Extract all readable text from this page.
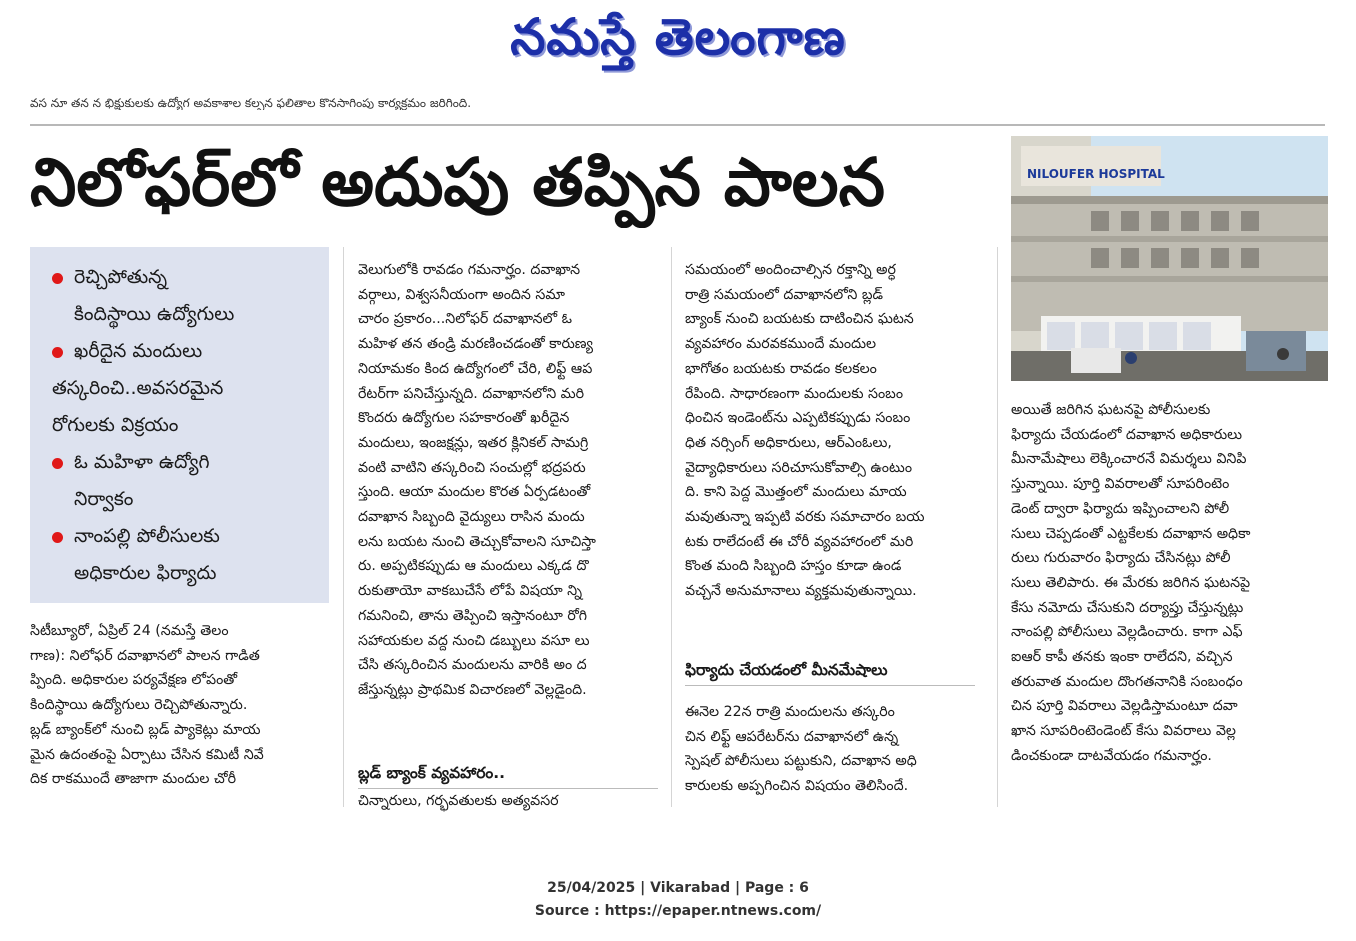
నమస్తే తెలంగాణ
వస నూ తన న భిక్షుకులకు ఉద్యోగ అవకాశాల కల్పన ఫలితాల కొనసాగింపు కార్యక్రమం జరిగింది.
నిలోఫర్‌లో అదుపు తప్పిన పాలన	NILOUFER HOSPITAL
రెచ్చిపోతున్న
కిందిస్థాయి ఉద్యోగులు
ఖరీదైన మందులు
తస్కరించి..అవసరమైన
రోగులకు విక్రయం
ఓ మహిళా ఉద్యోగి
నిర్వాకం
నాంపల్లి పోలీసులకు
అధికారుల ఫిర్యాదు
సిటీబ్యూరో, ఏప్రిల్ 24 (నమస్తే తెలం
గాణ): నిలోఫర్ దవాఖానలో పాలన గాడిత
ప్పింది. అధికారుల పర్యవేక్షణ లోపంతో
కిందిస్థాయి ఉద్యోగులు రెచ్చిపోతున్నారు.
బ్లడ్ బ్యాంక్‌లో నుంచి బ్లడ్ ప్యాకెట్లు మాయ
మైన ఉదంతంపై ఏర్పాటు చేసిన కమిటీ నివే
దిక రాకముందే తాజాగా మందుల చోరీ
వెలుగులోకి రావడం గమనార్హం. దవాఖాన
వర్గాలు, విశ్వసనీయంగా అందిన సమా
చారం ప్రకారం...నిలోఫర్ దవాఖానలో ఓ
మహిళ తన తండ్రి మరణించడంతో కారుణ్య
నియామకం కింద ఉద్యోగంలో చేరి, లిఫ్ట్ ఆప
రేటర్‌గా పనిచేస్తున్నది. దవాఖానలోని మరి
కొందరు ఉద్యోగుల సహకారంతో ఖరీదైన
మందులు, ఇంజక్షన్లు, ఇతర క్లినికల్ సామగ్రి
వంటి వాటిని తస్కరించి సంచుల్లో భద్రపరు
స్తుంది. ఆయా మందుల కొరత ఏర్పడటంతో
దవాఖాన సిబ్బంది వైద్యులు రాసిన మందు
లను బయట నుంచి తెచ్చుకోవాలని సూచిస్తా
రు. అప్పటికప్పుడు ఆ మందులు ఎక్కడ దొ
రుకుతాయో వాకబుచేసే లోపే విషయా న్ని
గమనించి, తాను తెప్పించి ఇస్తానంటూ రోగి
సహాయకుల వద్ద నుంచి డబ్బులు వసూ లు
చేసి తస్కరించిన మందులను వారికి అం ద
జేస్తున్నట్లు ప్రాథమిక విచారణలో వెల్లడైంది.
బ్లడ్ బ్యాంక్ వ్యవహారం..
చిన్నారులు, గర్భవతులకు అత్యవసర
సమయంలో అందించాల్సిన రక్తాన్ని అర్ధ
రాత్రి సమయంలో దవాఖానలోని బ్లడ్
బ్యాంక్ నుంచి బయటకు దాటించిన ఘటన
వ్యవహారం మరవకముందే మందుల
భాగోతం బయటకు రావడం కలకలం
రేపింది. సాధారణంగా మందులకు సంబం
ధించిన ఇండెంట్‌ను ఎప్పటికప్పుడు సంబం
ధిత నర్సింగ్ అధికారులు, ఆర్ఎంఓలు,
వైద్యాధికారులు సరిచూసుకోవాల్సి ఉంటుం
ది. కాని పెద్ద మొత్తంలో మందులు మాయ
మవుతున్నా ఇప్పటి వరకు సమాచారం బయ
టకు రాలేదంటే ఈ చోరీ వ్యవహారంలో మరి
కొంత మంది సిబ్బంది హస్తం కూడా ఉండ
వచ్చనే అనుమానాలు వ్యక్తమవుతున్నాయి.
ఫిర్యాదు చేయడంలో మీనమేషాలు
ఈనెల 22న రాత్రి మందులను తస్కరిం
చిన లిఫ్ట్ ఆపరేటర్‌ను దవాఖానలో ఉన్న
స్పెషల్ పోలీసులు పట్టుకుని, దవాఖాన అధి
కారులకు అప్పగించిన విషయం తెలిసిందే.
అయితే జరిగిన ఘటనపై పోలీసులకు
ఫిర్యాదు చేయడంలో దవాఖాన అధికారులు
మీనామేషాలు లెక్కించారనే విమర్శలు వినిపి
స్తున్నాయి. పూర్తి వివరాలతో సూపరింటెం
డెంట్ ద్వారా ఫిర్యాదు ఇప్పించాలని పోలీ
సులు చెప్పడంతో ఎట్టకేలకు దవాఖాన అధికా
రులు గురువారం ఫిర్యాదు చేసినట్లు పోలీ
సులు తెలిపారు. ఈ మేరకు జరిగిన ఘటనపై
కేసు నమోదు చేసుకుని దర్యాప్తు చేస్తున్నట్లు
నాంపల్లి పోలీసులు వెల్లడించారు. కాగా ఎఫ్
ఐఆర్ కాపీ తనకు ఇంకా రాలేదని, వచ్చిన
తరువాత మందుల దొంగతనానికి సంబంధం
చిన పూర్తి వివరాలు వెల్లడిస్తామంటూ దవా
ఖాన సూపరింటెండెంట్ కేసు వివరాలు వెల్ల
డించకుండా దాటవేయడం గమనార్హం.
25/04/2025 | Vikarabad | Page : 6
Source : https://epaper.ntnews.com/
